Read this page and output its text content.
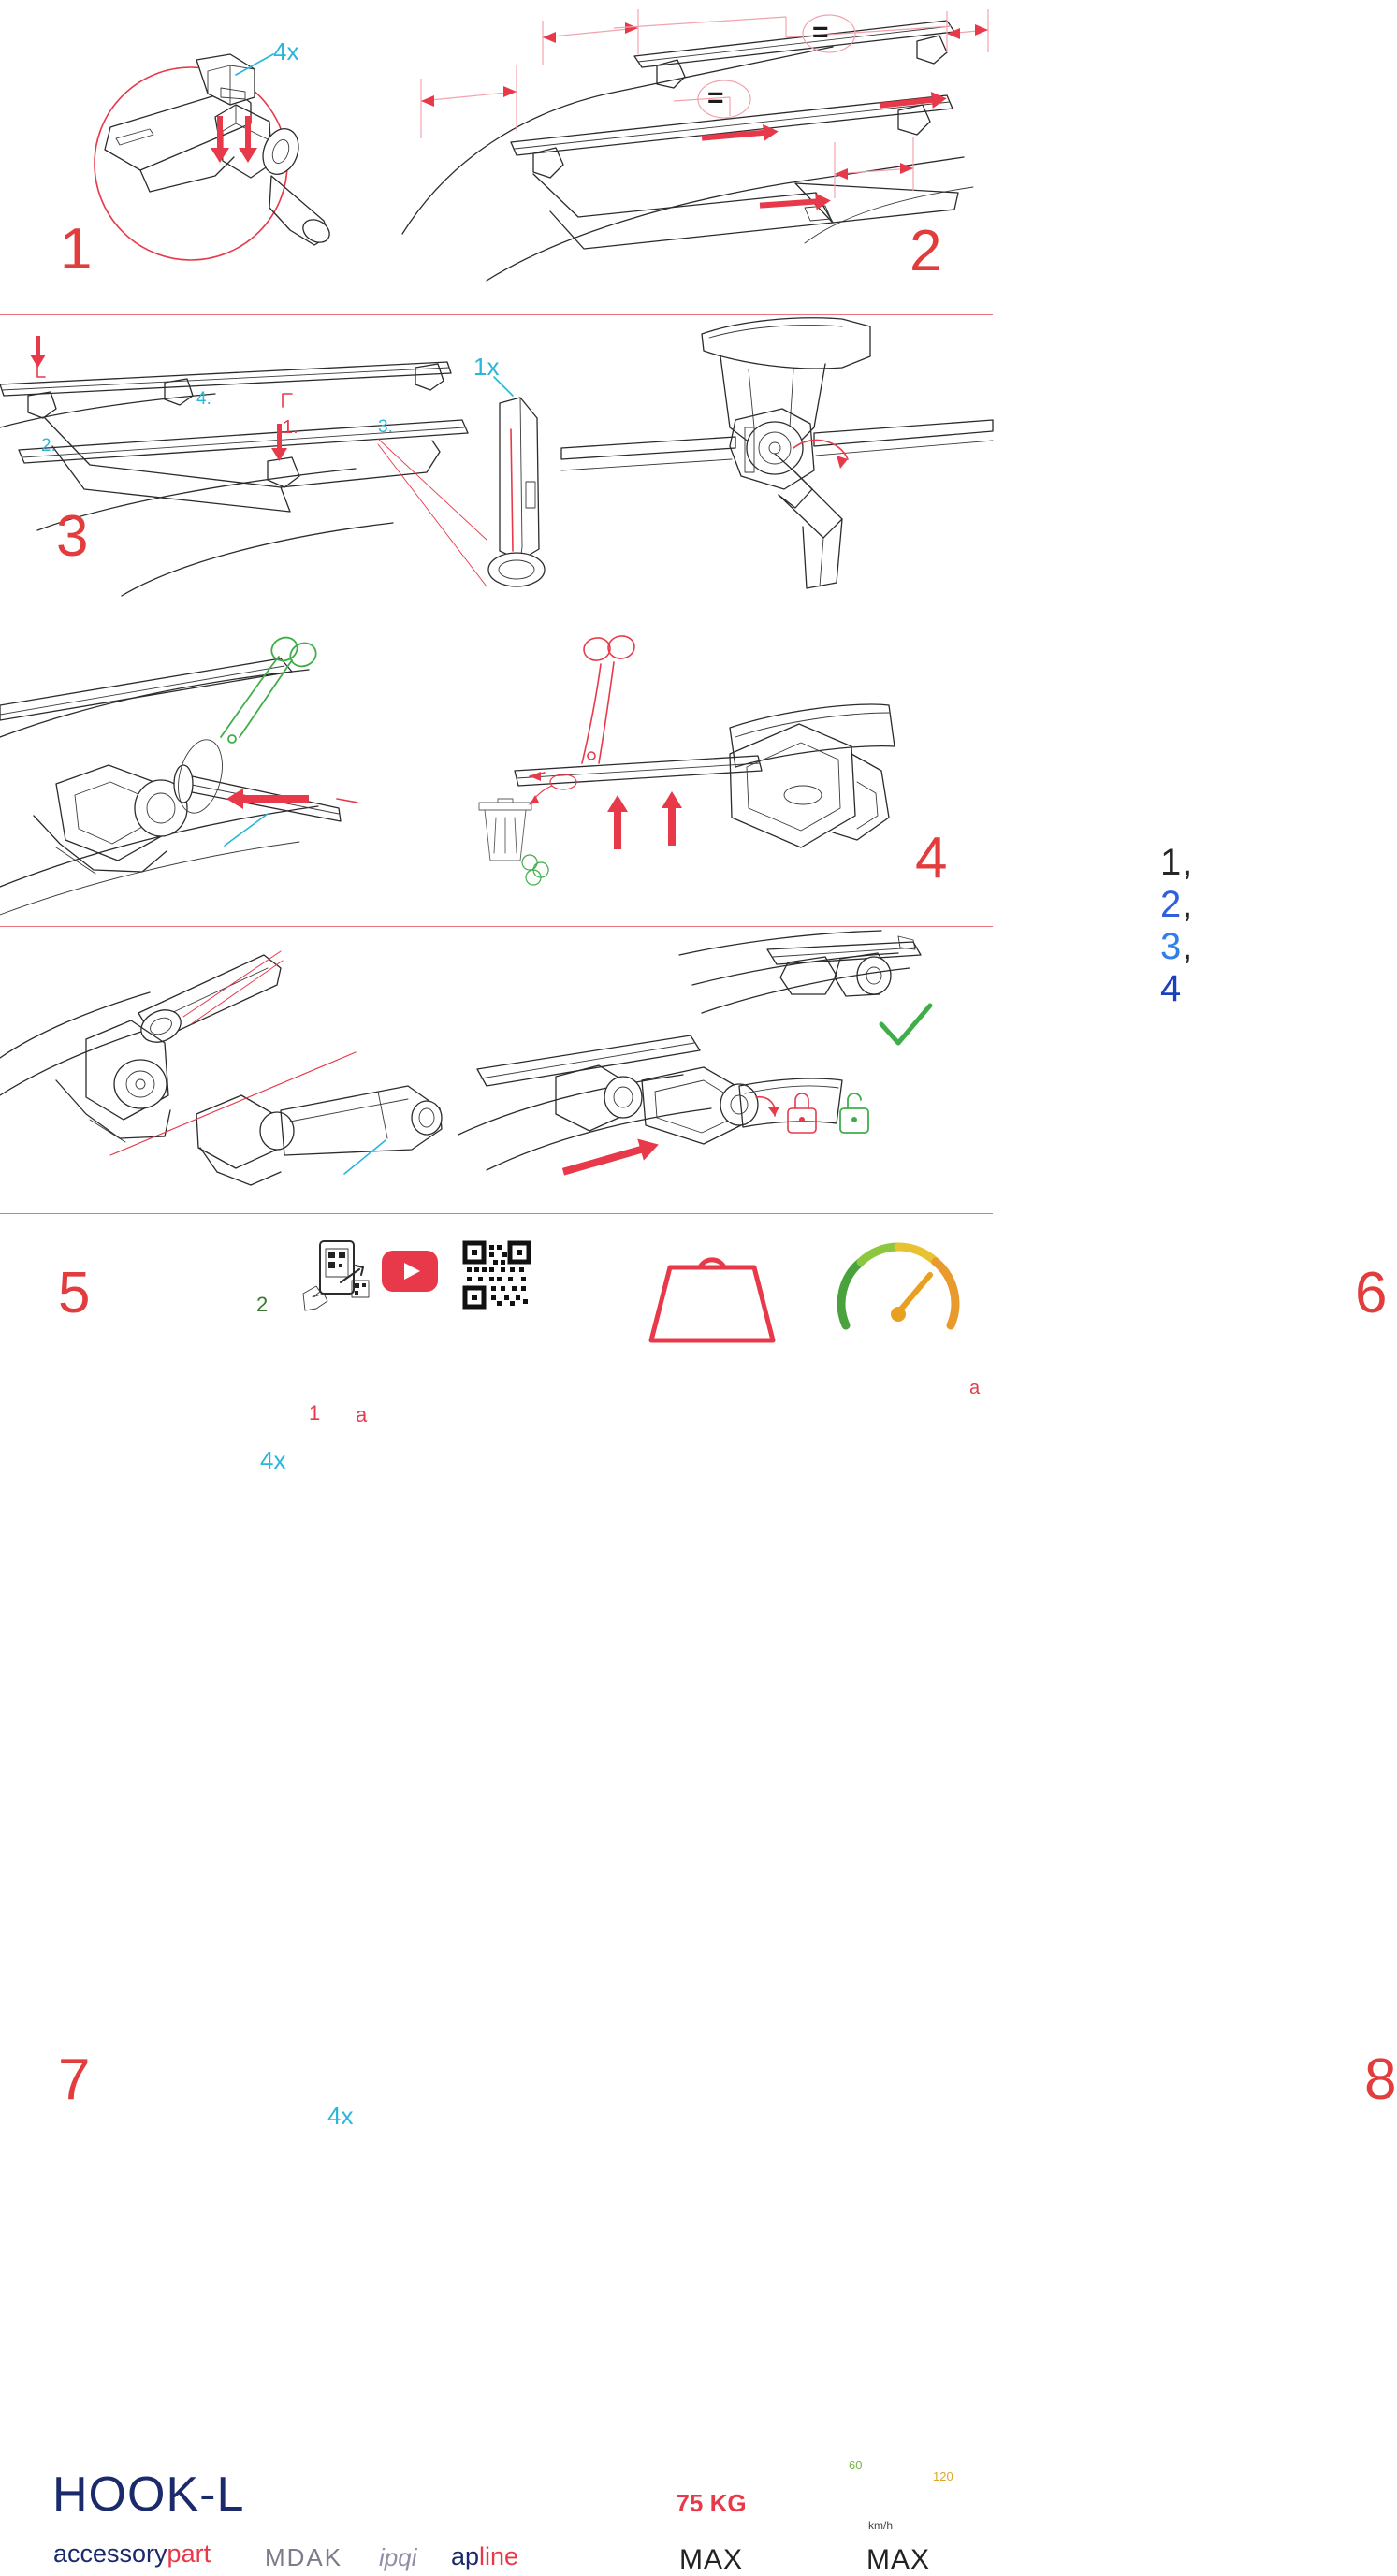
4x
1
=
=
2
1x
1.
2.
3.
4.
3
1, 2, 3, 4
4
1
2
a
4x
5
a
6
4x
7	8
HOOK-L
accessorypart MDAK ipqi apline
75 KG
MAX
60
120
km/h
MAX
